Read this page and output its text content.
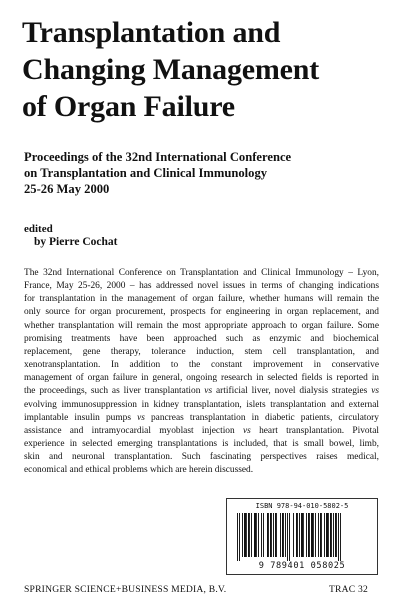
Transplantation and
Changing Management
of Organ Failure
Proceedings of the 32nd International Conference
on Transplantation and Clinical Immunology
25-26 May 2000
edited
by Pierre Cochat
The 32nd International Conference on Transplantation and Clinical Immunology – Lyon,
France, May 25-26, 2000 – has addressed novel issues in terms of changing indications
for transplantation in the management of organ failure, whether humans will remain the
only source for organ procurement, prospects for engineering in organ replacement, and
whether transplantation will remain the most appropriate approach to organ failure. Some
promising treatments have been approached such as enzymic and biochemical
replacement, gene therapy, tolerance induction, stem cell transplantation, and
xenotransplantation. In addition to the constant improvement in conservative
management of organ failure in general, ongoing research in selected fields is reported in
the proceedings, such as liver transplantation vs artificial liver, novel dialysis strategies vs
evolving immunosuppression in kidney transplantation, islets transplantation and external
implantable insulin pumps vs pancreas transplantation in diabetic patients, circulatory
assistance and intramyocardial myoblast injection vs heart transplantation. Pivotal
experience in selected emerging transplantations is included, that is small bowel, limb,
skin and neuronal transplantation. Such fascinating perspectives raises medical,
economical and ethical problems which are herein discussed.
ISBN 978-94-010-5802-5
9 789401 058025
SPRINGER SCIENCE+BUSINESS MEDIA, B.V.	TRAC 32
